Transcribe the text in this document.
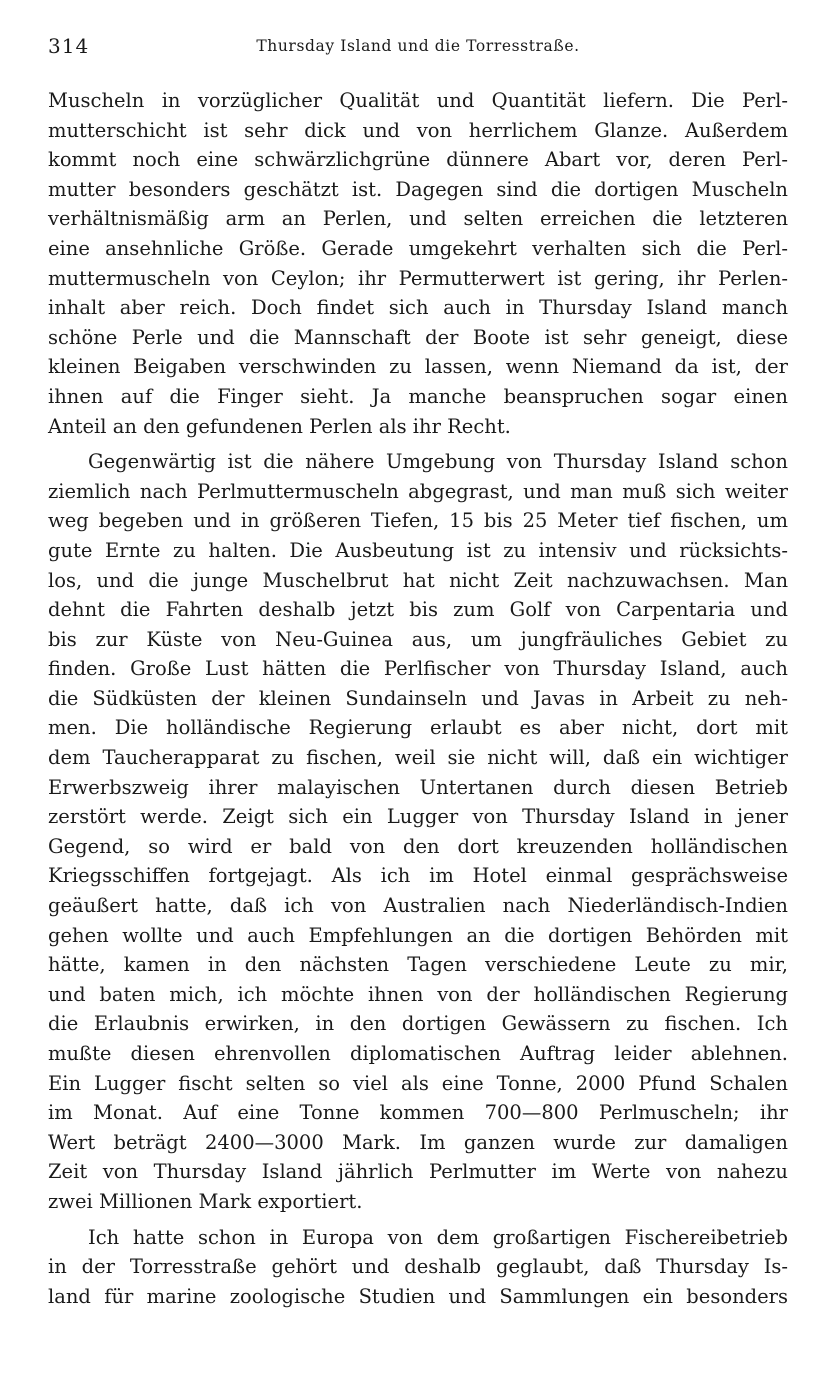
314	Thursday Island und die Torresstraße.
Muscheln in vorzüglicher Qualität und Quantität liefern. Die Perl-
mutterschicht ist sehr dick und von herrlichem Glanze. Außerdem
kommt noch eine schwärzlichgrüne dünnere Abart vor, deren Perl-
mutter besonders geschätzt ist. Dagegen sind die dortigen Muscheln
verhältnismäßig arm an Perlen, und selten erreichen die letzteren
eine ansehnliche Größe. Gerade umgekehrt verhalten sich die Perl-
muttermuscheln von Ceylon; ihr Permutterwert ist gering, ihr Perlen-
inhalt aber reich. Doch findet sich auch in Thursday Island manch
schöne Perle und die Mannschaft der Boote ist sehr geneigt, diese
kleinen Beigaben verschwinden zu lassen, wenn Niemand da ist, der
ihnen auf die Finger sieht. Ja manche beanspruchen sogar einen
Anteil an den gefundenen Perlen als ihr Recht.
Gegenwärtig ist die nähere Umgebung von Thursday Island schon
ziemlich nach Perlmuttermuscheln abgegrast, und man muß sich weiter
weg begeben und in größeren Tiefen, 15 bis 25 Meter tief fischen, um
gute Ernte zu halten. Die Ausbeutung ist zu intensiv und rücksichts-
los, und die junge Muschelbrut hat nicht Zeit nachzuwachsen. Man
dehnt die Fahrten deshalb jetzt bis zum Golf von Carpentaria und
bis zur Küste von Neu-Guinea aus, um jungfräuliches Gebiet zu
finden. Große Lust hätten die Perlfischer von Thursday Island, auch
die Südküsten der kleinen Sundainseln und Javas in Arbeit zu neh-
men. Die holländische Regierung erlaubt es aber nicht, dort mit
dem Taucherapparat zu fischen, weil sie nicht will, daß ein wichtiger
Erwerbszweig ihrer malayischen Untertanen durch diesen Betrieb
zerstört werde. Zeigt sich ein Lugger von Thursday Island in jener
Gegend, so wird er bald von den dort kreuzenden holländischen
Kriegsschiffen fortgejagt. Als ich im Hotel einmal gesprächsweise
geäußert hatte, daß ich von Australien nach Niederländisch-Indien
gehen wollte und auch Empfehlungen an die dortigen Behörden mit
hätte, kamen in den nächsten Tagen verschiedene Leute zu mir,
und baten mich, ich möchte ihnen von der holländischen Regierung
die Erlaubnis erwirken, in den dortigen Gewässern zu fischen. Ich
mußte diesen ehrenvollen diplomatischen Auftrag leider ablehnen.
Ein Lugger fischt selten so viel als eine Tonne, 2000 Pfund Schalen
im Monat. Auf eine Tonne kommen 700—800 Perlmuscheln; ihr
Wert beträgt 2400—3000 Mark. Im ganzen wurde zur damaligen
Zeit von Thursday Island jährlich Perlmutter im Werte von nahezu
zwei Millionen Mark exportiert.
Ich hatte schon in Europa von dem großartigen Fischereibetrieb
in der Torresstraße gehört und deshalb geglaubt, daß Thursday Is-
land für marine zoologische Studien und Sammlungen ein besonders
